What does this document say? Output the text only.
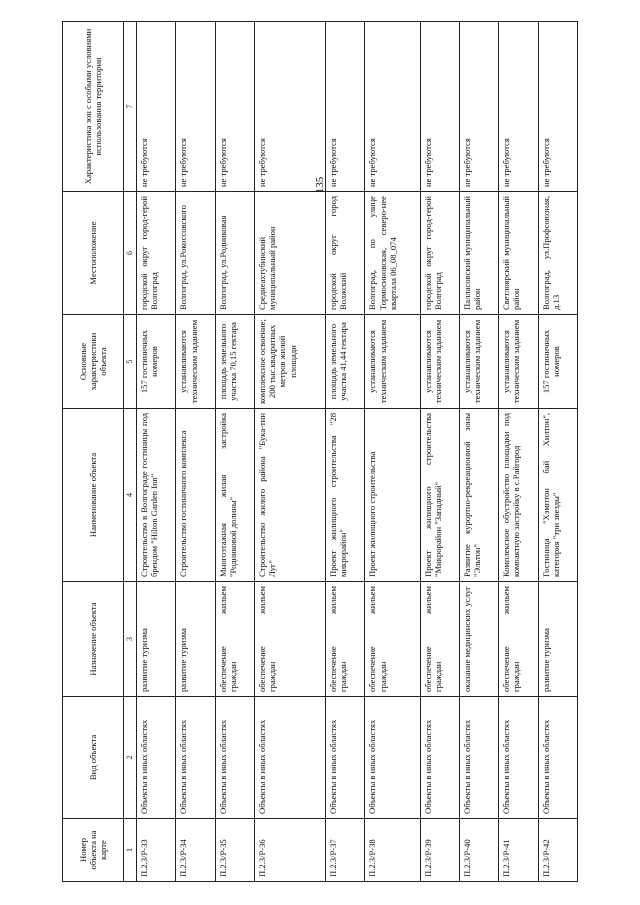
135
Номер объекта на карте	Вид объекта	Назначение объекта	Наименование объекта	Основные характеристики объекта	Местоположение	Характеристика зон с особыми условиями использования территории
1	2	3	4	5	6	7
П.2.3/Р-33	Объекты в иных областях	развитие туризма	Строительство в Волгограде гостиницы под брендом "Hilton Garden Inn"	157 гостиничных номеров	городской округ город-герой Волгоград	не требуются
П.2.3/Р-34	Объекты в иных областях	развитие туризма	Строительство гостиничного комплекса	устанавливаются техническим заданием	Волгоград, ул.Рокоссовского	не требуются
П.2.3/Р-35	Объекты в иных областях	обеспечение жильем граждан	Многоэтажная жилая застройка "Родниковой долины"	площадь земельного участка 70,15 гектара	Волгоград, ул.Родниковая	не требуются
П.2.3/Р-36	Объекты в иных областях	обеспечение жильем граждан	Строительство жилого района "Бука-тин Луг"	комплексное освоение; 200 тыс.квадратных метров жилой площади	Среднеахтубинский муниципальный район	не требуются
П.2.3/Р-37	Объекты в иных областях	обеспечение жильем граждан	Проект жилищного строительства "28 микрорайон"	площадь земельного участка 41,44 гектара	городской округ город Волжский	не требуются
П.2.3/Р-38	Объекты в иных областях	обеспечение жильем граждан	Проект жилищного строительства	устанавливаются техническим заданием	Волгоград, по улице Тормосиновская, северо-нее квартала 06_08_074	не требуются
П.2.3/Р-39	Объекты в иных областях	обеспечение жильем граждан	Проект жилищного строительства "Микрорайон "Западный"	устанавливаются техническим заданием	городской округ город-герой Волгоград	не требуются
П.2.3/Р-40	Объекты в иных областях	оказание медицинских услуг	Развитие курортно-рекреационной зоны "Эльтон"	устанавливаются техническим заданием	Палласовский муниципальный район	не требуются
П.2.3/Р-41	Объекты в иных областях	обеспечение жильем граждан	Комплексное обустройство площадки под компактную застройку в с.Райгород	устанавливаются техническим заданием	Светлоярский муниципальный район	не требуются
П.2.3/Р-42	Объекты в иных областях	развитие туризма	Гостиница "Хэмптон бай Хилтон", категория "три звезды"	157 гостиничных номеров	Волгоград, ул.Профсоюзная, д.13	не требуются
